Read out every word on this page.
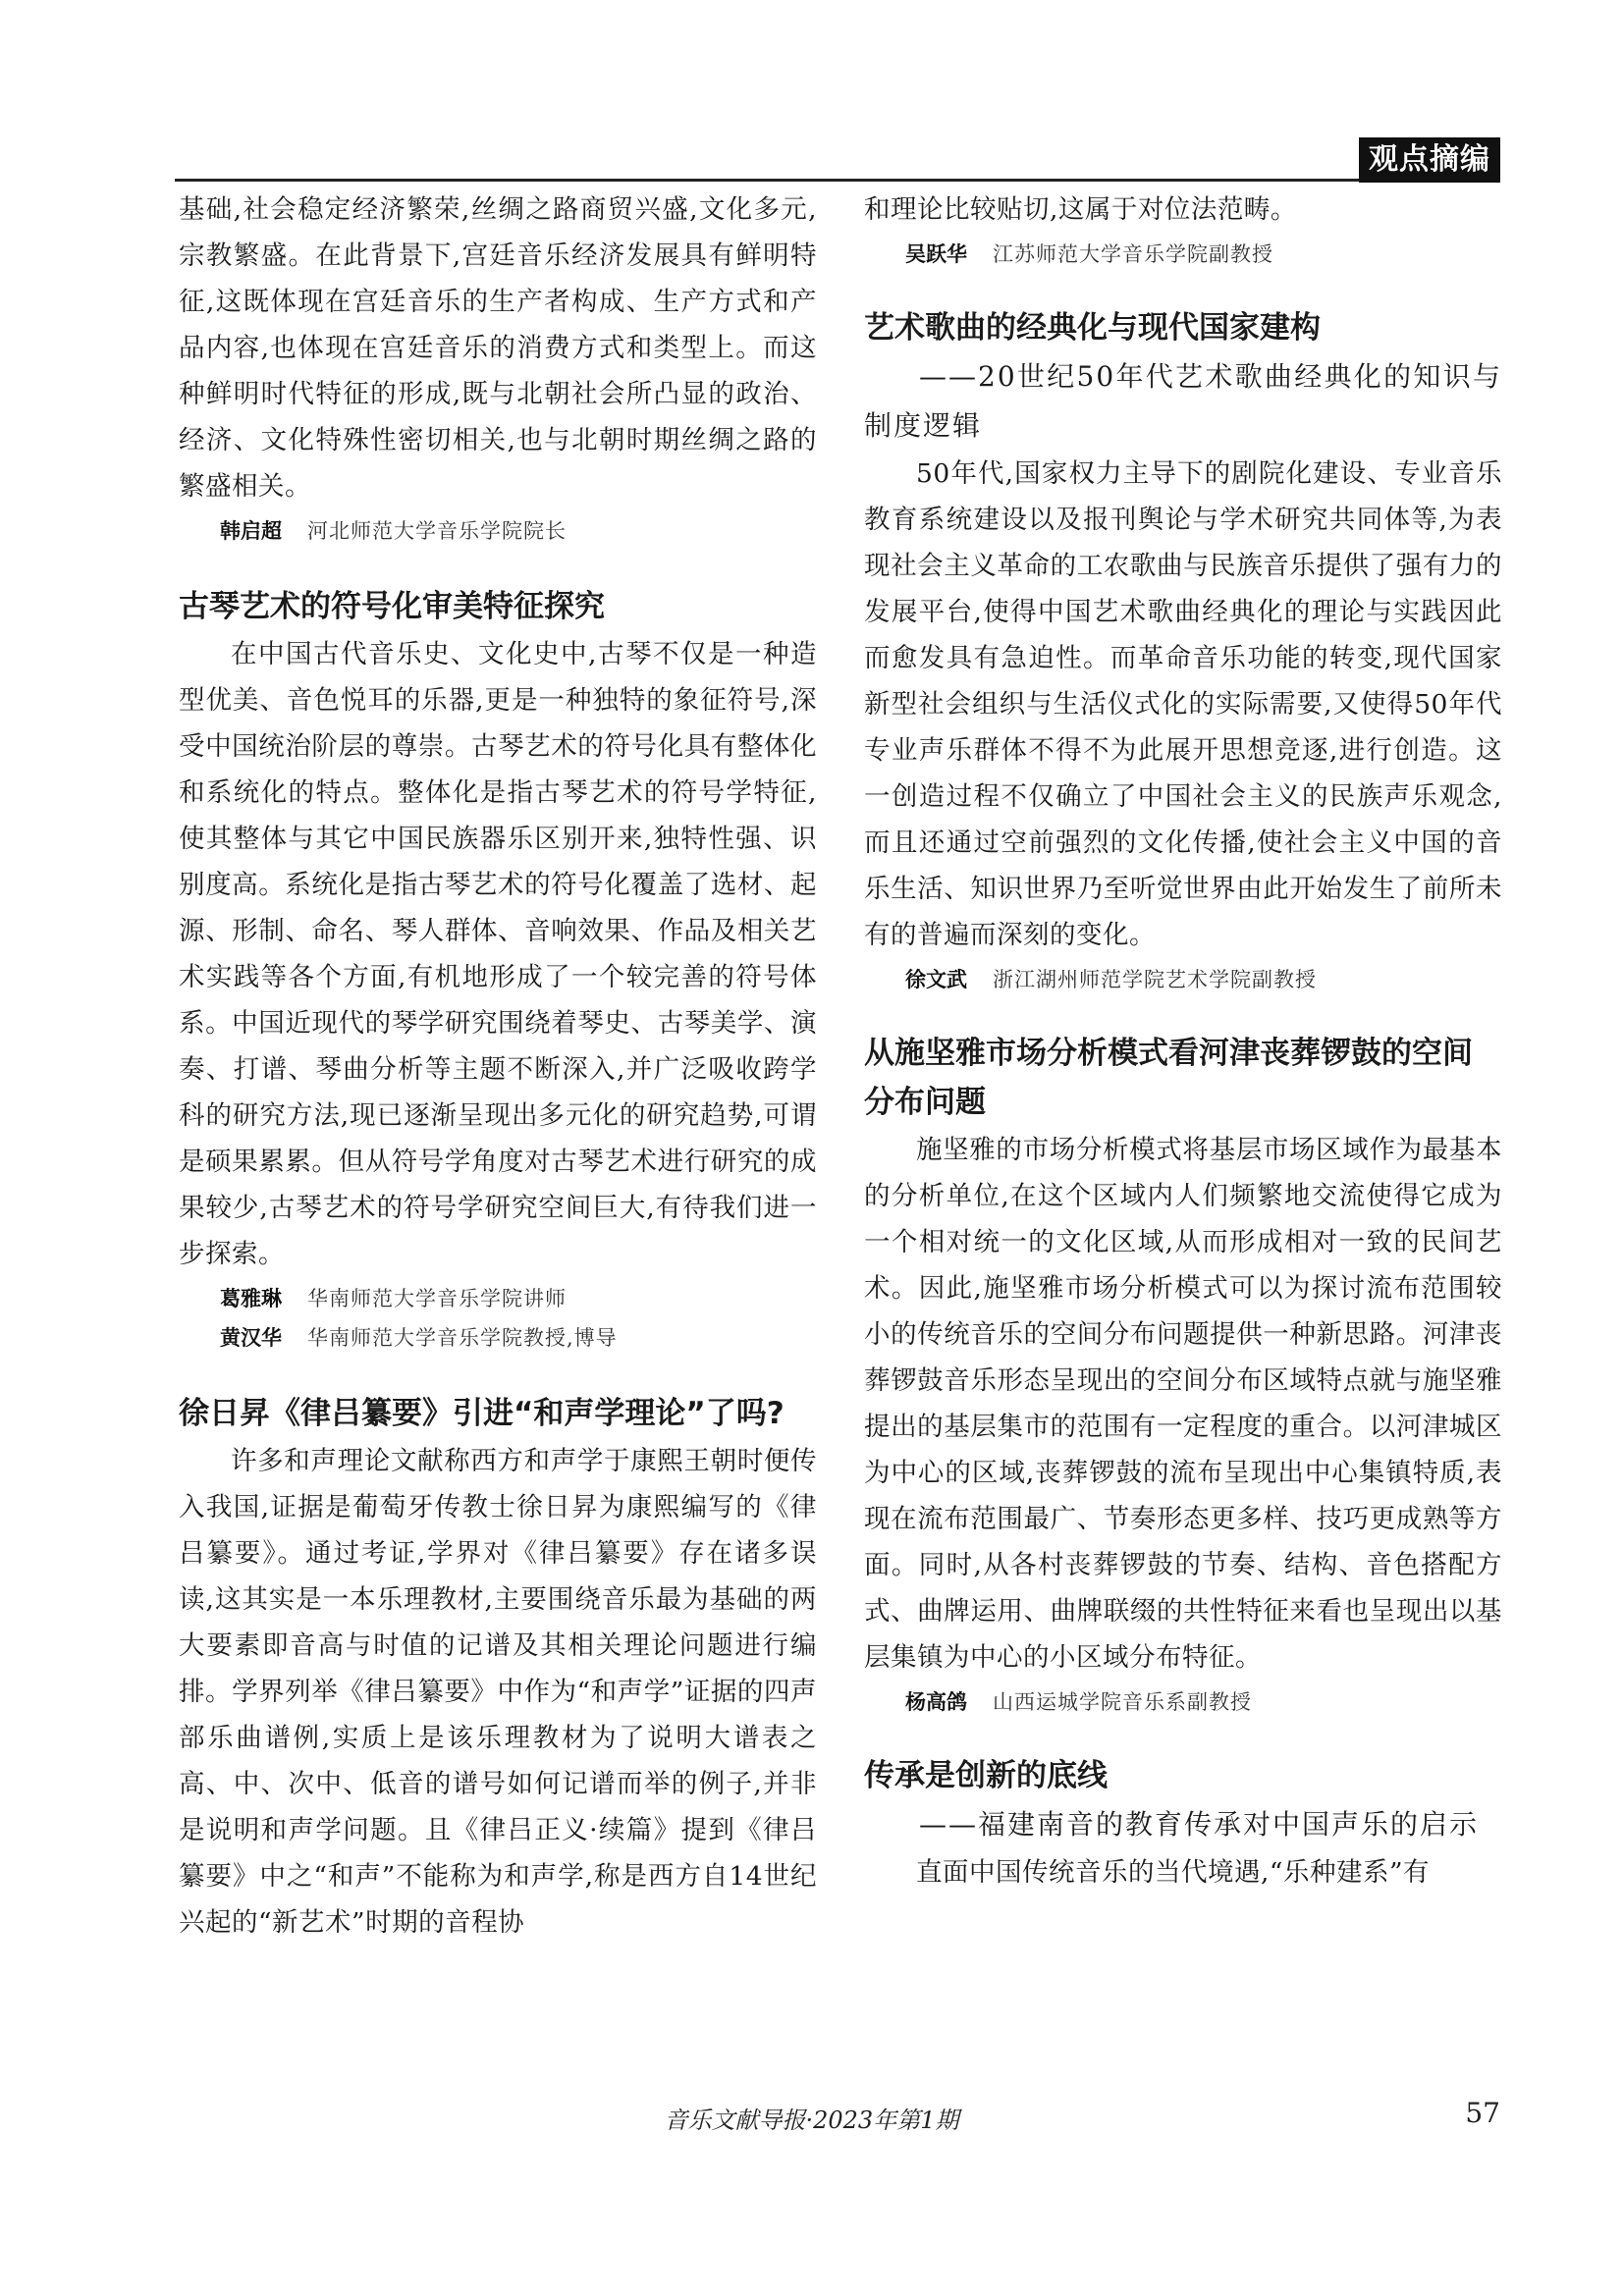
观点摘编

基础,社会稳定经济繁荣,丝绸之路商贸兴盛,文化多元,宗教繁盛。在此背景下,宫廷音乐经济发展具有鲜明特征,这既体现在宫廷音乐的生产者构成、生产方式和产品内容,也体现在宫廷音乐的消费方式和类型上。而这种鲜明时代特征的形成,既与北朝社会所凸显的政治、经济、文化特殊性密切相关,也与北朝时期丝绸之路的繁盛相关。

韩启超 河北师范大学音乐学院院长

古琴艺术的符号化审美特征探究

在中国古代音乐史、文化史中,古琴不仅是一种造型优美、音色悦耳的乐器,更是一种独特的象征符号,深受中国统治阶层的尊崇。古琴艺术的符号化具有整体化和系统化的特点。整体化是指古琴艺术的符号学特征,使其整体与其它中国民族器乐区别开来,独特性强、识别度高。系统化是指古琴艺术的符号化覆盖了选材、起源、形制、命名、琴人群体、音响效果、作品及相关艺术实践等各个方面,有机地形成了一个较完善的符号体系。中国近现代的琴学研究围绕着琴史、古琴美学、演奏、打谱、琴曲分析等主题不断深入,并广泛吸收跨学科的研究方法,现已逐渐呈现出多元化的研究趋势,可谓是硕果累累。但从符号学角度对古琴艺术进行研究的成果较少,古琴艺术的符号学研究空间巨大,有待我们进一步探索。

葛雅琳 华南师范大学音乐学院讲师

黄汉华 华南师范大学音乐学院教授,博导

徐日昇《律吕纂要》引进“和声学理论”了吗?

许多和声理论文献称西方和声学于康熙王朝时便传入我国,证据是葡萄牙传教士徐日昇为康熙编写的《律吕纂要》。通过考证,学界对《律吕纂要》存在诸多误读,这其实是一本乐理教材,主要围绕音乐最为基础的两大要素即音高与时值的记谱及其相关理论问题进行编排。学界列举《律吕纂要》中作为“和声学”证据的四声部乐曲谱例,实质上是该乐理教材为了说明大谱表之高、中、次中、低音的谱号如何记谱而举的例子,并非是说明和声学问题。且《律吕正义·续篇》提到《律吕纂要》中之“和声”不能称为和声学,称是西方自14世纪兴起的“新艺术”时期的音程协

和理论比较贴切,这属于对位法范畴。

吴跃华 江苏师范大学音乐学院副教授

艺术歌曲的经典化与现代国家建构

——20世纪50年代艺术歌曲经典化的知识与制度逻辑

50年代,国家权力主导下的剧院化建设、专业音乐教育系统建设以及报刊舆论与学术研究共同体等,为表现社会主义革命的工农歌曲与民族音乐提供了强有力的发展平台,使得中国艺术歌曲经典化的理论与实践因此而愈发具有急迫性。而革命音乐功能的转变,现代国家新型社会组织与生活仪式化的实际需要,又使得50年代专业声乐群体不得不为此展开思想竞逐,进行创造。这一创造过程不仅确立了中国社会主义的民族声乐观念,而且还通过空前强烈的文化传播,使社会主义中国的音乐生活、知识世界乃至听觉世界由此开始发生了前所未有的普遍而深刻的变化。

徐文武 浙江湖州师范学院艺术学院副教授

从施坚雅市场分析模式看河津丧葬锣鼓的空间分布问题

施坚雅的市场分析模式将基层市场区域作为最基本的分析单位,在这个区域内人们频繁地交流使得它成为一个相对统一的文化区域,从而形成相对一致的民间艺术。因此,施坚雅市场分析模式可以为探讨流布范围较小的传统音乐的空间分布问题提供一种新思路。河津丧葬锣鼓音乐形态呈现出的空间分布区域特点就与施坚雅提出的基层集市的范围有一定程度的重合。以河津城区为中心的区域,丧葬锣鼓的流布呈现出中心集镇特质,表现在流布范围最广、节奏形态更多样、技巧更成熟等方面。同时,从各村丧葬锣鼓的节奏、结构、音色搭配方式、曲牌运用、曲牌联缀的共性特征来看也呈现出以基层集镇为中心的小区域分布特征。

杨高鸽 山西运城学院音乐系副教授

传承是创新的底线

——福建南音的教育传承对中国声乐的启示

直面中国传统音乐的当代境遇,“乐种建系”有

音乐文献导报·2023年第1期	57
